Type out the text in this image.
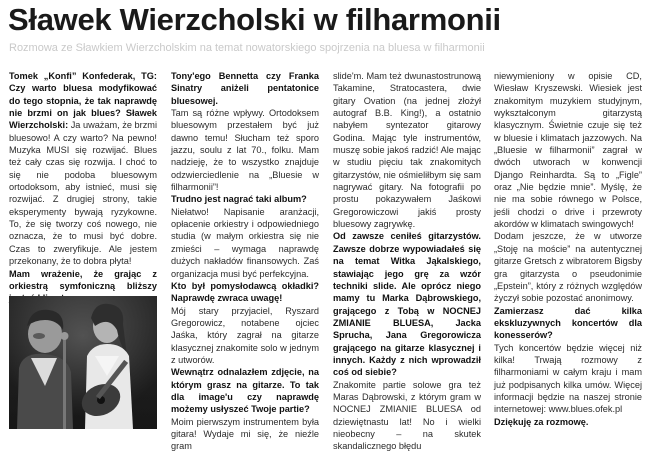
Sławek Wierzcholski w filharmonii
Rozmowa ze Sławkiem Wierzcholskim na temat nowatorskiego spojrzenia na bluesa w filharmonii

Tomek „Konfi” Konfederak, TG: Czy warto bluesa modyfikować do tego stopnia, że tak naprawdę nie brzmi on jak blues? Sławek Wierzcholski: Ja uważam, że brzmi bluesowo! A czy warto? Na pewno! Muzyka MUSI się rozwijać. Blues też cały czas się rozwija. I choć to się nie podoba bluesowym ortodoksom, aby istnieć, musi się rozwijać. Z drugiej strony, takie eksperymenty bywają ryzykowne. To, że się tworzy coś nowego, nie oznacza, że to musi być dobre. Czas to zweryfikuje. Ale jestem przekonany, że to dobra płyta!

Mam wrażenie, że grając z orkiestrą symfoniczną bliższy

Tony'ego Bennetta czy Franka Sinatry aniżeli pentatonice bluesowej.

Tam są różne wpływy. Ortodoksem bluesowym przestałem być już dawno temu! Słucham też sporo jazzu, soulu z lat 70., folku. Mam nadzieję, że to wszystko znajduje odzwierciedlenie na „Bluesie w filharmonii”!

Trudno jest nagrać taki album?

Niełatwo! Napisanie aranżacji, opłacenie orkiestry i odpowiedniego studia (w małym orkiestra się nie zmieści – wymaga naprawdę dużych nakładów finansowych. Zaś organizacja musi być perfekcyjna.

Kto był pomysłodawcą okładki? Naprawdę zwraca uwagę!

Mój stary przyjaciel, Ryszard Gregorowicz, notabene ojciec Jaśka, który zagrał na gitarze klasycznej znakomite solo w jednym z utworów.

Wewnątrz odnalazłem zdjęcie, na którym grasz na gitarze. To tak dla image'u czy naprawdę możemy usłyszeć Twoje partie?

Moim pierwszym instrumentem była gitara! Wydaje mi się, że nieźle gram

slide'm. Mam też dwunastostrunową Takamine, Stratocastera, dwie gitary Ovation (na jednej złożył autograf B.B. King!), a ostatnio nabyłem syntezator gitarowy Godina. Mając tyle instrumentów, muszę sobie jakoś radzić! Ale mając w studiu pięciu tak znakomitych gitarzystów, nie ośmieliłbym się sam nagrywać gitary. Na fotografii po prostu pokazywałem Jaśkowi Gregorowiczowi jakiś prosty bluesowy zagrywkę.

Od zawsze ceniłeś gitarzystów. Zawsze dobrze wypowiadałeś się na temat Witka Jąkalskiego, stawiając jego grę za wzór techniki slide. Ale oprócz niego mamy tu Marka Dąbrowskiego, grającego z Tobą w NOCNEJ ZMIANIE BLUESA, Jacka Sprucha, Jana Gregorowicza grającego na gitarze klasycznej i innych. Każdy z nich wprowadził coś od siebie?

Znakomite partie solowe gra też Maras Dąbrowski, z którym gram w NOCNEJ ZMIANIE BLUESA od dziewiętnastu lat! No i wielki nieobecny – na skutek skandalicznego błędu

niewymieniony w opisie CD, Wiesław Kryszewski. Wiesiek jest znakomitym muzykiem studyjnym, wykształconym gitarzystą klasycznym. Świetnie czuje się też w bluesie i klimatach jazzowych. Na „Bluesie w filharmonii” zagrał w dwóch utworach w konwencji Django Reinhardta. Są to „Figle” oraz „Nie będzie mnie”. Myślę, że nie ma sobie równego w Polsce, jeśli chodzi o drive i przewroty akordów w klimatach swingowych!

Dodam jeszcze, że w utworze „Stoję na moście” na autentycznej gitarze Gretsch z wibratorem Bigsby gra gitarzysta o pseudonimie „Epstein”, który z różnych względów życzył sobie pozostać anonimowy.

Zamierzasz dać kilka ekskluzywnych koncertów dla konesserów?

Tych koncertów będzie więcej niż kilka! Trwają rozmowy z filharmoniami w całym kraju i mam już podpisanych kilka umów. Więcej informacji będzie na naszej stronie internetowej: www.blues.ofek.pl

Dziękuję za rozmowę.
